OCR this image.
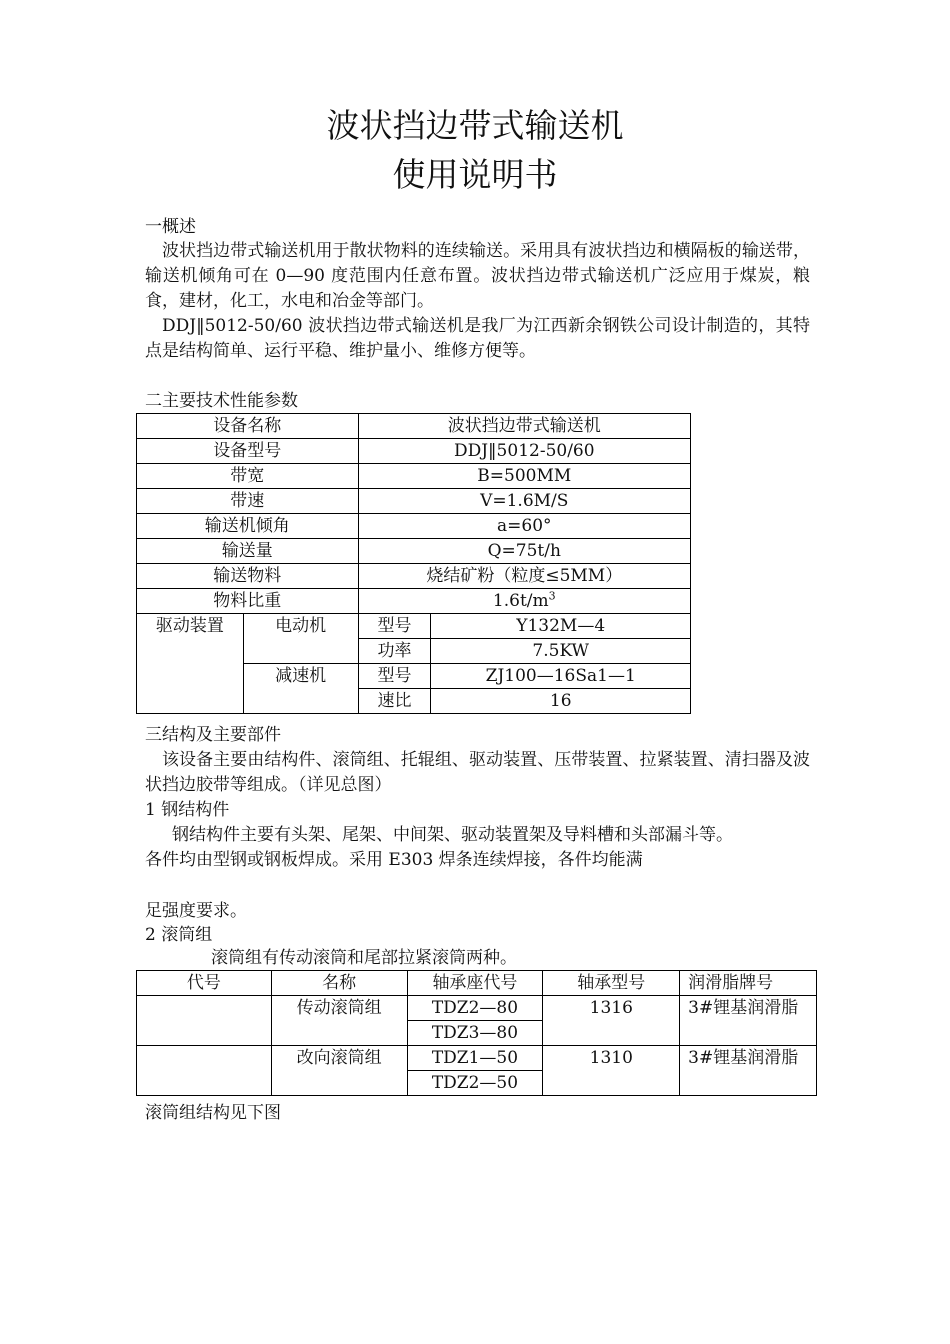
波状挡边带式输送机
使用说明书
一概述
波状挡边带式输送机用于散状物料的连续输送。采用具有波状挡边和横隔板的输送带，输送机倾角可在 0—90 度范围内任意布置。波状挡边带式输送机广泛应用于煤炭，粮食，建材，化工，水电和冶金等部门。
DDJ‖5012-50/60 波状挡边带式输送机是我厂为江西新余钢铁公司设计制造的，其特点是结构简单、运行平稳、维护量小、维修方便等。
二主要技术性能参数
设备名称		波状挡边带式输送机	
设备型号		DDJ‖5012-50/60	
带宽		B=500MM	
带速		V=1.6M/S	
输送机倾角		a=60°	
输送量		Q=75t/h	
输送物料		烧结矿粉（粒度≤5MM）	
物料比重		$1.6t/m^3$
驱动装置	电动机	型号	Y132M—4
		功率	7.5KW
	减速机	型号	ZJ100—16Sa1—1
		速比	16
三结构及主要部件
该设备主要由结构件、滚筒组、托辊组、驱动装置、压带装置、拉紧装置、清扫器及波状挡边胶带等组成。（详见总图）
1 钢结构件
钢结构件主要有头架、尾架、中间架、驱动装置架及导料槽和头部漏斗等。
各件均由型钢或钢板焊成。采用 E303 焊条连续焊接，各件均能满
足强度要求。
2 滚筒组
滚筒组有传动滚筒和尾部拉紧滚筒两种。
代号	名称	轴承座代号	轴承型号	润滑脂牌号
	传动滚筒组	TDZ2—80	1316	3#锂基润滑脂
		TDZ3—80		
	改向滚筒组	TDZ1—50	1310	3#锂基润滑脂
		TDZ2—50		
滚筒组结构见下图
